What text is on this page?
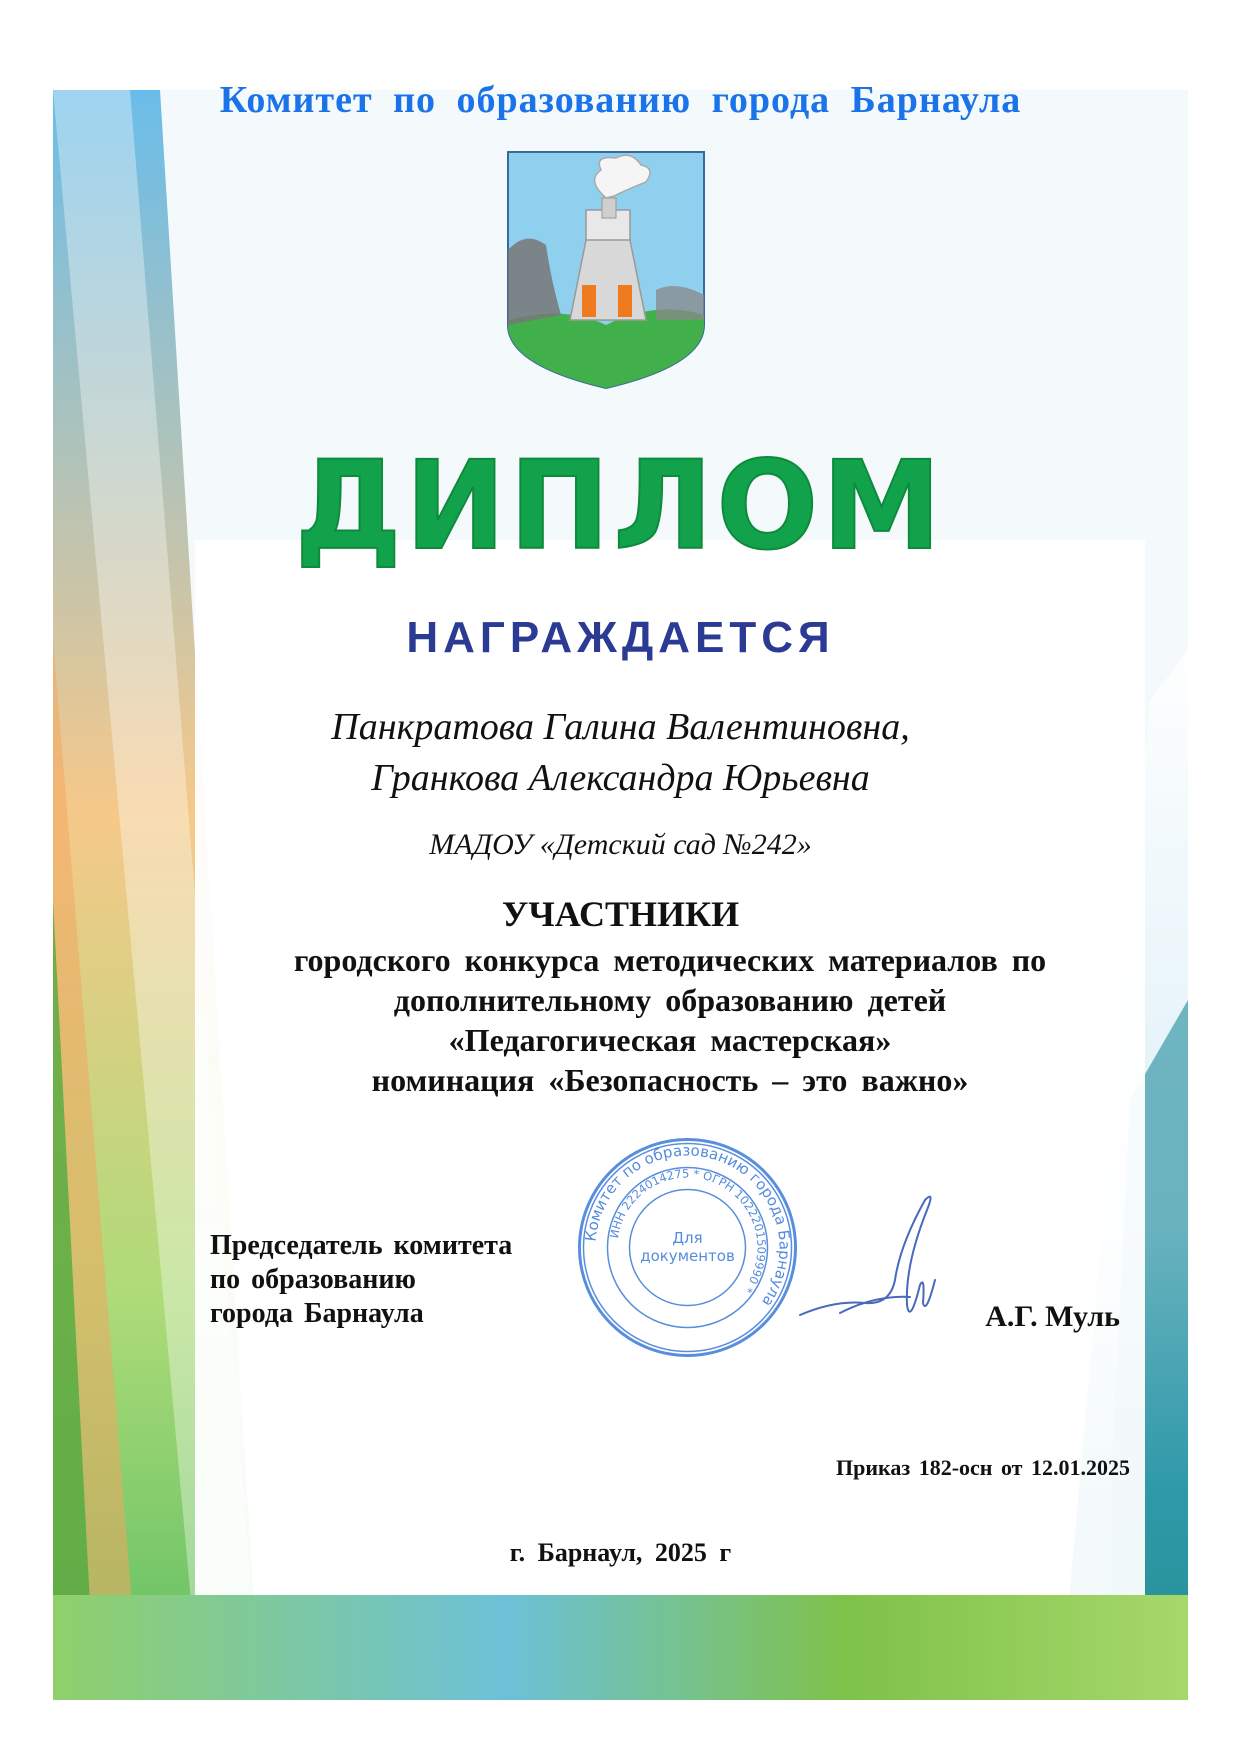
Комитет по образованию города Барнаула
ДИПЛОМ
НАГРАЖДАЕТСЯ
Панкратова Галина Валентиновна,
Гранкова Александра Юрьевна
МАДОУ «Детский сад №242»
УЧАСТНИКИ
городского конкурса методических материалов по
дополнительному образованию детей
«Педагогическая мастерская»
номинация «Безопасность – это важно»
Председатель комитета
по образованию
города Барнаула
Комитет по образованию города Барнаула
ИНН 2224014275 * ОГРН 1022201509990 *
Для
документов
А.Г. Муль
Приказ 182-осн от 12.01.2025
г. Барнаул, 2025 г
